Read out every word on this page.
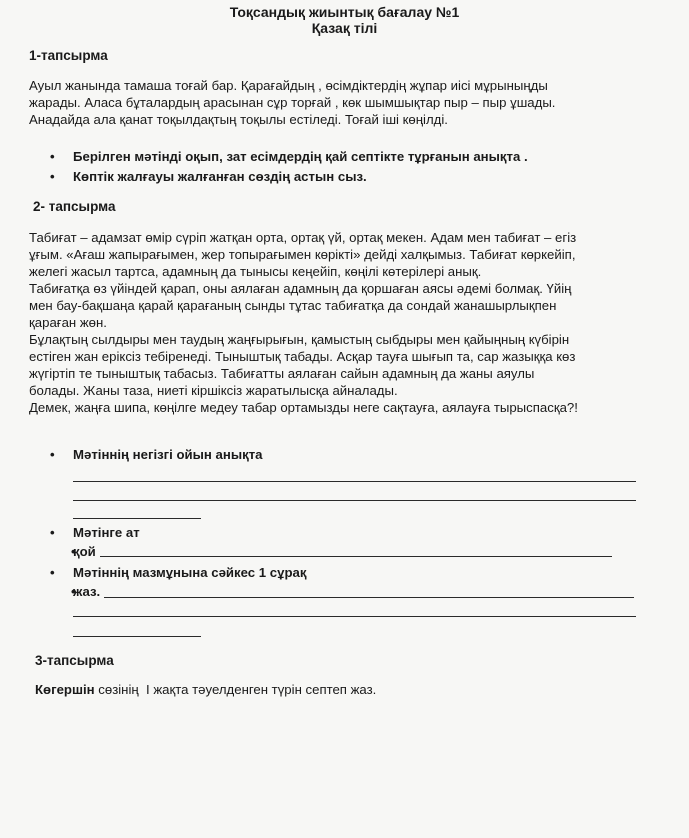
Тоқсандық жиынтық бағалау №1
Қазақ тілі
1-тапсырма
Ауыл жанында тамаша тоғай бар. Қарағайдың , өсімдіктердің жұпар иісі мұрыныңды
жарады. Аласа бұталардың арасынан сұр торғай , көк шымшықтар пыр – пыр ұшады.
Анадайда ала қанат тоқылдақтың тоқылы естіледі. Тоғай іші көңілді.
• Берілген мәтінді оқып, зат есімдердің қай септікте тұрғанын анықта .
• Көптік жалғауы жалғанған сөздің астын сыз.
2- тапсырма
Табиғат – адамзат өмір сүріп жатқан орта, ортақ үй, ортақ мекен. Адам мен табиғат – егіз
ұғым. «Ағаш жапырағымен, жер топырағымен көрікті» дейді халқымыз. Табиғат көркейіп,
желегі жасыл тартса, адамның да тынысы кеңейіп, көңілі көтерілері анық.
Табиғатқа өз үйіндей қарап, оны аялаған адамның да қоршаған аясы әдемі болмақ. Үйің
мен бау-бақшаңа қарай қарағаның сынды тұтас табиғатқа да сондай жанашырлықпен
қараған жөн.
Бұлақтың сылдыры мен таудың жаңғырығын, қамыстың сыбдыры мен қайыңның күбірін
естіген жан еріксіз тебіренеді. Тыныштық табады. Асқар тауға шығып та, сар жазыққа көз
жүгіртіп те тыныштық табасыз. Табиғатты аялаған сайын адамның да жаны аяулы
болады. Жаны таза, ниеті кіршіксіз жаратылысқа айналады.
Демек, жаңға шипа, көңілге медеу табар ортамызды неге сақтауға, аялауға тырыспасқа?!
• Мәтіннің негізгі ойын анықта
• Мәтінге ат
• қой
• Мәтіннің мазмұнына сәйкес 1 сұрақ
• жаз.
3-тапсырма
Көгершін сөзінің  I жақта тәуелденген түрін септеп жаз.
